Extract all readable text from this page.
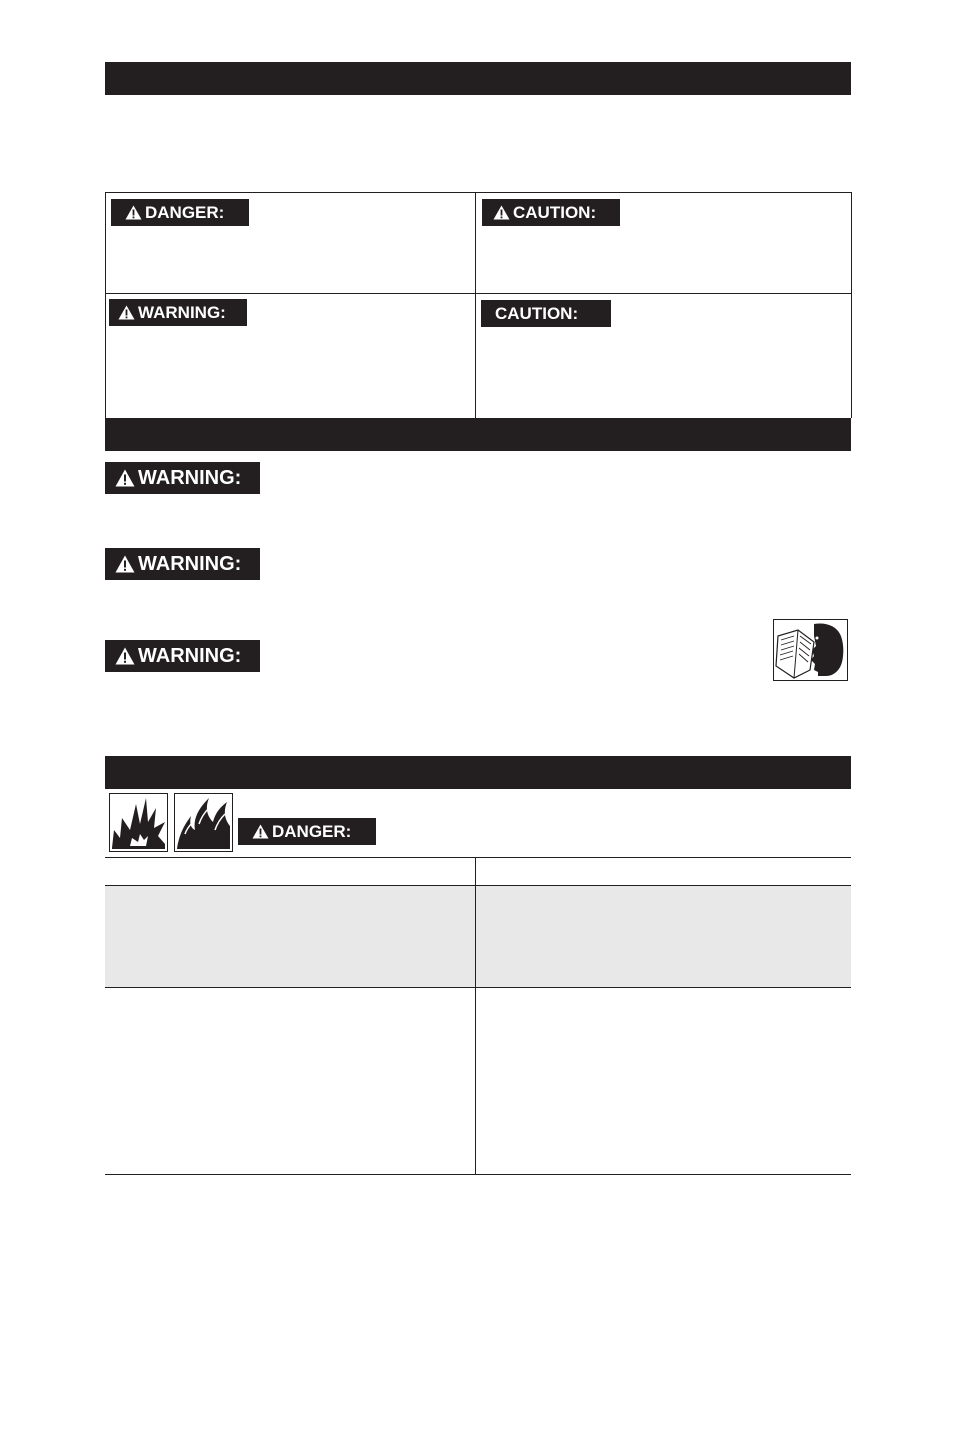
DANGER:	CAUTION:
WARNING:	CAUTION:
WARNING:
WARNING:
WARNING:
DANGER:
